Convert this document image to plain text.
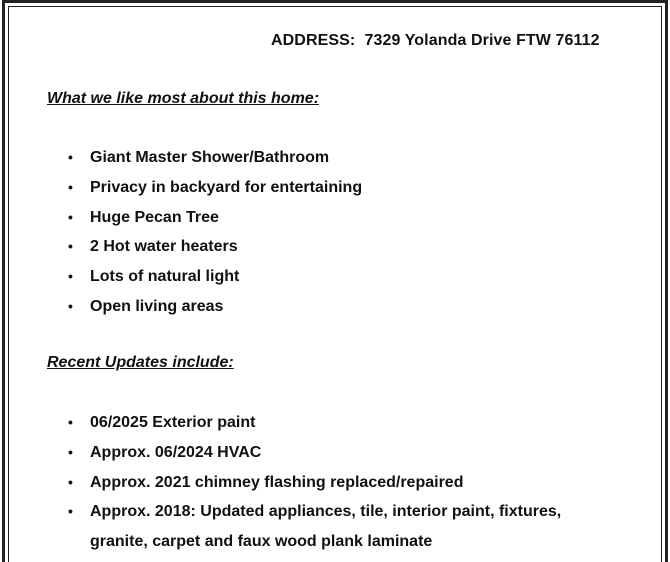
ADDRESS:  7329 Yolanda Drive FTW 76112
What we like most about this home:
• Giant Master Shower/Bathroom
• Privacy in backyard for entertaining
• Huge Pecan Tree
• 2 Hot water heaters
• Lots of natural light
• Open living areas
Recent Updates include:
• 06/2025 Exterior paint
• Approx. 06/2024 HVAC
• Approx. 2021 chimney flashing replaced/repaired
• Approx. 2018: Updated appliances, tile, interior paint, fixtures, granite, carpet and faux wood plank laminate
